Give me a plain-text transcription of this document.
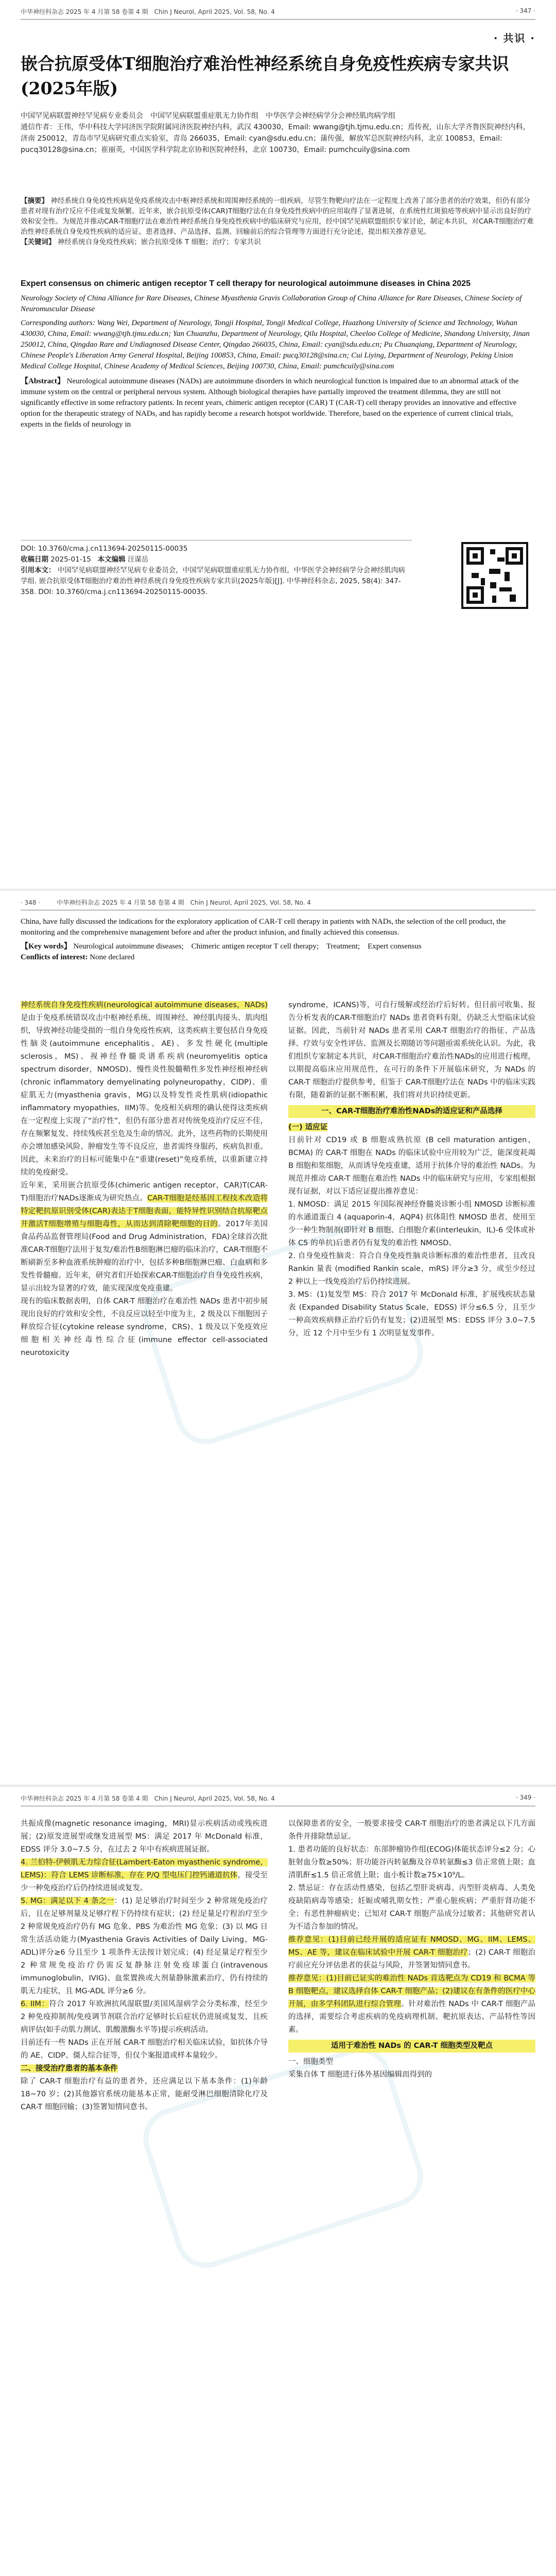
中华神经科杂志 2025 年 4 月第 58 卷第 4 期　Chin J Neurol, April 2025, Vol. 58, No. 4	· 347 ·
· 共识 ·
嵌合抗原受体T细胞治疗难治性神经系统自身免疫性疾病专家共识(2025年版)

中国罕见病联盟神经罕见病专业委员会　中国罕见病联盟重症肌无力协作组　中华医学会神经病学分会神经肌肉病学组
通信作者：王伟，华中科技大学同济医学院附属同济医院神经内科，武汉 430030，Email: wwang@tjh.tjmu.edu.cn；焉传祝，山东大学齐鲁医院神经内科，济南 250012，青岛市罕见病研究重点实验室，青岛 266035，Email: cyan@sdu.edu.cn；蒲传强，解放军总医院神经内科，北京 100853，Email: pucq30128@sina.cn；崔丽英，中国医学科学院北京协和医院神经科，北京 100730，Email: pumchcuily@sina.com

【摘要】 神经系统自身免疫性疾病是免疫系统攻击中枢神经系统和周围神经系统的一组疾病，尽管生物靶向疗法在一定程度上改善了部分患者的治疗效果，但仍有部分患者对现有治疗反应不佳或复发频繁。近年来，嵌合抗原受体(CAR)T细胞疗法在自身免疫性疾病中的应用取得了显著进展，在系统性红斑狼疮等疾病中显示出良好的疗效和安全性。为规范并推动CAR-T细胞疗法在难治性神经系统自身免疫性疾病中的临床研究与应用，经中国罕见病联盟组织专家讨论，制定本共识，对CAR-T细胞治疗难治性神经系统自身免疫性疾病的适应证、患者选择、产品选择、监测、回输前后的综合管理等方面进行充分论述，提出相关推荐意见。
【关键词】 神经系统自身免疫性疾病；嵌合抗原受体 T 细胞；治疗；专家共识

Expert consensus on chimeric antigen receptor T cell therapy for neurological autoimmune diseases in China 2025
Neurology Society of China Alliance for Rare Diseases, Chinese Myasthenia Gravis Collaboration Group of China Alliance for Rare Diseases, Chinese Society of Neuromuscular Disease
Corresponding authors: Wang Wei, Department of Neurology, Tongji Hospital, Tongji Medical College, Huazhong University of Science and Technology, Wuhan 430030, China, Email: wwang@tjh.tjmu.edu.cn; Yan Chuanzhu, Department of Neurology, Qilu Hospital, Cheeloo College of Medicine, Shandong University, Jinan 250012, China, Qingdao Rare and Undiagnosed Disease Center, Qingdao 266035, China, Email: cyan@sdu.edu.cn; Pu Chuanqiang, Department of Neurology, Chinese People's Liberation Army General Hospital, Beijing 100853, China, Email: pucq30128@sina.cn; Cui Liying, Department of Neurology, Peking Union Medical College Hospital, Chinese Academy of Medical Sciences, Beijing 100730, China, Email: pumchcuily@sina.com
【Abstract】 Neurological autoimmune diseases (NADs) are autoimmune disorders in which neurological function is impaired due to an abnormal attack of the immune system on the central or peripheral nervous system. Although biological therapies have partially improved the treatment dilemma, they are still not significantly effective in some refractory patients. In recent years, chimeric antigen receptor (CAR) T (CAR-T) cell therapy provides an innovative and effective option for the therapeutic strategy of NADs, and has rapidly become a research hotspot worldwide. Therefore, based on the experience of current clinical trials, experts in the fields of neurology in
DOI: 10.3760/cma.j.cn113694-20250115-00035
收稿日期 2025-01-15 本文编辑 汪谋岳
引用本文： 中国罕见病联盟神经罕见病专业委员会，中国罕见病联盟重症肌无力协作组，中华医学会神经病学分会神经肌肉病学组. 嵌合抗原受体T细胞治疗难治性神经系统自身免疫性疾病专家共识(2025年版)[J]. 中华神经科杂志, 2025, 58(4): 347-358. DOI: 10.3760/cma.j.cn113694-20250115-00035.
· 348 ·	中华神经科杂志 2025 年 4 月第 58 卷第 4 期　Chin J Neurol, April 2025, Vol. 58, No. 4
China, have fully discussed the indications for the exploratory application of CAR-T cell therapy in patients with NADs, the selection of the cell product, the monitoring and the comprehensive management before and after the product infusion, and finally achieved this consensus.
【Key words】 Neurological autoimmune diseases;　Chimeric antigen receptor T cell therapy;　Treatment;　Expert consensus
Conflicts of interest: None declared

神经系统自身免疫性疾病(neurological autoimmune diseases，NADs)是由于免疫系统错误攻击中枢神经系统、周围神经、神经肌肉接头、肌肉组织，导致神经功能受损的一组自身免疫性疾病，这类疾病主要包括自身免疫性脑炎(autoimmune encephalitis，AE)、多发性硬化(multiple sclerosis，MS)、视神经脊髓炎谱系疾病(neuromyelitis optica spectrum disorder，NMOSD)、慢性炎性脱髓鞘性多发性神经根神经病(chronic inflammatory demyelinating polyneuropathy，CIDP)、重症肌无力(myasthenia gravis，MG)以及特发性炎性肌病(idiopathic inflammatory myopathies，IIM)等。免疫相关病理的确认使得这类疾病在一定程度上实现了“治疗性”，但仍有部分患者对传统免疫治疗反应不佳，存在频繁复发、持续残疾甚至危及生命的情况。此外，这些药物的长期使用亦会增加感染风险、肿瘤发生等不良反应，患者需终身服药，疾病负担重。因此，未来治疗的目标可能集中在“重建(reset)”免疫系统，以重新建立持续的免疫耐受。
近年来，采用嵌合抗原受体(chimeric antigen receptor，CAR)T(CAR-T)细胞治疗NADs逐渐成为研究热点。CAR-T细胞是经基因工程技术改造将特定靶抗原识别受体(CAR)表达于T细胞表面，能特异性识别结合抗原靶点并激活T细胞增殖与细胞毒性，从而达到清除靶细胞的目的。2017年美国食品药品监督管理局(Food and Drug Administration，FDA)全球首次批准CAR-T细胞疗法用于复发/难治性B细胞淋巴瘤的临床治疗，CAR-T细胞不断刷新至多种血液系统肿瘤的治疗中，包括多种B细胞淋巴瘤、白血病和多发性骨髓瘤。近年来，研究者们开始探索CAR-T细胞治疗自身免疫性疾病，显示出较为显著的疗效，能实现深度免疫重建。
现有的临床数据表明，自体 CAR-T 细胞治疗在难治性 NADs 患者中初步展现出良好的疗效和安全性，不良反应以轻至中度为主，2 级及以下细胞因子释放综合征(cytokine release syndrome，CRS)、1 级及以下免疫效应细胞相关神经毒性综合征(immune effector cell-associated neurotoxicity

syndrome，ICANS)等，可自行缓解或经治疗后好转。但目前可收集、报告分析发表的CAR-T细胞治疗 NADs 患者资料有限，仍缺乏大型临床试验证据。因此，当前针对 NADs 患者采用 CAR-T 细胞治疗的指征、产品选择、疗效与安全性评估、监测及长期随访等问题亟需系统化认识。为此，我们组织专家制定本共识，对CAR-T细胞治疗难治性NADs的应用进行梳理，以期提高临床应用规范性，在可行的条件下开展临床研究，为 NADs 的 CAR-T 细胞治疗提供参考，但鉴于 CAR-T细胞疗法在 NADs 中的临床实践有限，随着新的证据不断积累，我们将对共识持续更新。

一、CAR-T细胞治疗难治性NADs的适应证和产品选择
(一) 适应证
目前针对 CD19 或 B 细胞成熟抗原 (B cell maturation antigen，BCMA) 的 CAR-T 细胞在 NADs 的临床试验中应用较为广泛，能深度耗竭 B 细胞和浆细胞，从而诱导免疫重建，适用于抗体介导的难治性 NADs。为规范并推动 CAR-T 细胞在难治性 NADs 中的临床研究与应用，专家组根据现有证据，对以下适应证提出推荐意见：
1. NMOSD：满足 2015 年国际视神经脊髓炎诊断小组 NMOSD 诊断标准的水通道蛋白 4 (aquaporin-4，AQP4) 抗体阳性 NMOSD 患者，使用至少一种生物制剂(即针对 B 细胞、白细胞介素(interleukin，IL)-6 受体或补体 C5 的单抗)后患者仍有复发的难治性 NMOSD。
2. 自身免疫性脑炎：符合自身免疫性脑炎诊断标准的难治性患者，且改良 Rankin 量表 (modified Rankin scale，mRS) 评分≥3 分，或至少经过 2 种以上一线免疫治疗后仍持续进展。
3. MS：(1)复发型 MS：符合 2017 年 McDonald 标准，扩展残疾状态量表 (Expanded Disability Status Scale，EDSS) 评分≤6.5 分，且至少一种高效疾病修正治疗后仍有复发；(2)进展型 MS：EDSS 评分 3.0~7.5 分，近 12 个月中至少有 1 次明显复发事件。

中华神经科杂志 2025 年 4 月第 58 卷第 4 期　Chin J Neurol, April 2025, Vol. 58, No. 4	· 349 ·

共振成像(magnetic resonance imaging，MRI)显示疾病活动或残疾进展；(2)原发进展型或继发进展型 MS：满足 2017 年 McDonald 标准，EDSS 评分 3.0~7.5 分，在过去 2 年中有疾病进展证据。
4. 兰伯特-伊顿肌无力综合征(Lambert-Eaton myasthenic syndrome，LEMS)：符合 LEMS 诊断标准，存在 P/Q 型电压门控钙通道抗体，接受至少一种免疫治疗后仍持续进展或复发。
5. MG：满足以下 4 条之一：(1) 是足够治疗时间至少 2 种常规免疫治疗后，且在足够剂量及足够疗程下仍持续有症状；(2) 经足量足疗程治疗至少 2 种常规免疫治疗仍有 MG 危象、PBS 为难治性 MG 危象；(3) 以 MG 日常生活活动能力(Myasthenia Gravis Activities of Daily Living，MG-ADL)评分≥6 分且至少 1 项条件无法按计划完成；(4) 经足量足疗程至少 2 种常规免疫治疗仍需反复静脉注射免疫球蛋白(intravenous immunoglobulin，IVIG)、血浆置换或大剂量静脉激素治疗，仍有持续的肌无力症状，且 MG-ADL 评分≥6 分。
6. IIM：符合 2017 年欧洲抗风湿联盟/美国风湿病学会分类标准，经至少 2 种免疫抑制剂/免疫调节剂联合治疗足够时长后症状仍进展或复发，且疾病评估(如手动肌力测试、肌酸激酶水平等)提示疾病活动。
目前还有一些 NADs 正在开展 CAR-T 细胞治疗相关临床试验，如抗体介导的 AE、CIDP、僵人综合征等，但仅个案报道或样本量较少。
二、接受治疗患者的基本条件
除了 CAR-T 细胞治疗有益的患者外，还应满足以下基本条件：(1)年龄 18~70 岁；(2)其他器官系统功能基本正常，能耐受淋巴细胞清除化疗及 CAR-T 细胞回输；(3)签署知情同意书。

以保障患者的安全，一般要求接受 CAR-T 细胞治疗的患者满足以下几方面条件并排除禁忌证。
1. 患者功能的良好状态：东部肿瘤协作组(ECOG)体能状态评分≤2 分；心脏射血分数≥50%；肝功能谷丙转氨酶及谷草转氨酶≤3 倍正常值上限；血清肌酐≤1.5 倍正常值上限；血小板计数≥75×10⁹/L。
2. 禁忌证：存在活动性感染，包括乙型肝炎病毒、丙型肝炎病毒、人类免疫缺陷病毒等感染；妊娠或哺乳期女性；严重心脏疾病；严重肝肾功能不全；有恶性肿瘤病史；已知对 CAR-T 细胞产品成分过敏者；其他研究者认为不适合参加的情况。
推荐意见：(1)目前已经开展的适应证有 NMOSD、MG、IIM、LEMS、MS、AE 等，建议在临床试验中开展 CAR-T 细胞治疗；(2) CAR-T 细胞治疗前应充分评估患者的获益与风险，并签署知情同意书。
推荐意见：(1)目前已证实的难治性 NADs 首选靶点为 CD19 和 BCMA 等 B 细胞靶点，建议选择自体 CAR-T 细胞产品；(2)建议在有条件的医疗中心开展，由多学科团队进行综合管理。针对难治性 NADs 中 CAR-T 细胞产品的选择，需要综合考虑疾病的免疫病理机制、靶抗原表达、产品特性等因素。

适用于难治性 NADs 的 CAR-T 细胞类型及靶点
一、细胞类型
采集自体 T 细胞进行体外基因编辑而得到的
